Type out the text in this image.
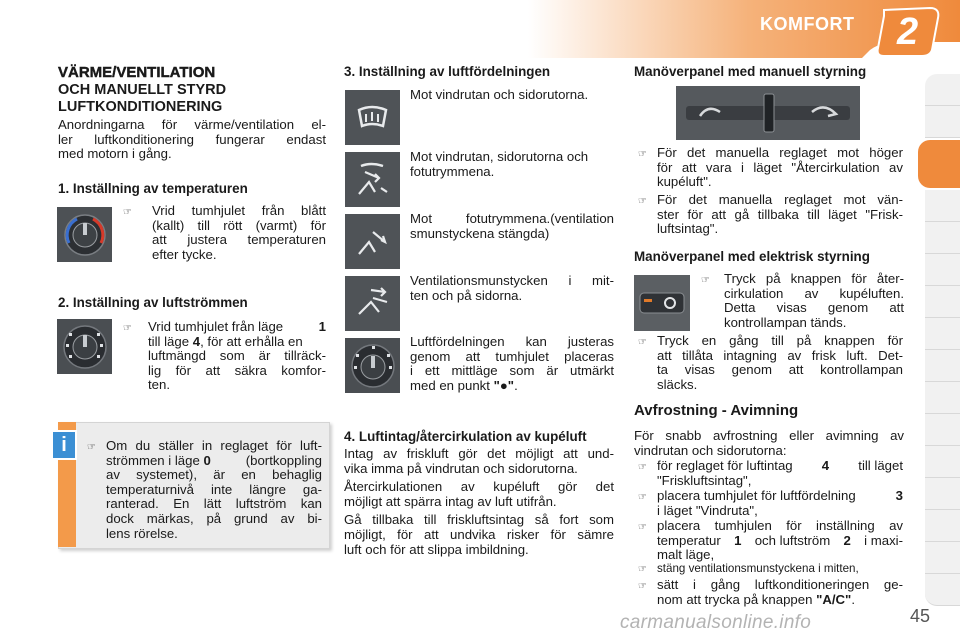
KOMFORT 2
VÄRME/VENTILATION
OCH MANUELLT STYRD
LUFTKONDITIONERING
Anordningarna för värme/ventilation el-
ler luftkonditionering fungerar endast
med motorn i gång.
1. Inställning av temperaturen
☞ Vrid tumhjulet från blått
(kallt) till rött (varmt) för
att justera temperaturen
efter tycke.
2. Inställning av luftströmmen
☞ Vrid tumhjulet från läge	1
till läge 4, för att erhålla en
luftmängd som är tillräck-
lig för att säkra komfor-
ten.
i	☞ Om du ställer in reglaget för luft-
strömmen i läge 0	(bortkoppling
av systemet), är en behaglig
temperaturnivå inte längre ga-
ranterad. En lätt luftström kan
dock märkas, på grund av bi-
lens rörelse.
3. Inställning av luftfördelningen
Mot vindrutan och sidorutorna.
Mot vindrutan, sidorutorna och
fotutrymmena.
Mot fotutrymmena.(ventilation
smunstyckena stängda)
Ventilationsmunstycken i mit-
ten och på sidorna.
Luftfördelningen kan justeras
genom att tumhjulet placeras
i ett mittläge som är utmärkt
med en punkt "●".
4. Luftintag/återcirkulation av kupéluft
Intag av friskluft gör det möjligt att und-
vika imma på vindrutan och sidorutorna.
Återcirkulationen av kupéluft gör det
möjligt att spärra intag av luft utifrån.
Gå tillbaka till friskluftsintag så fort som
möjligt, för att undvika risker för sämre
luft och för att slippa imbildning.
Manöverpanel med manuell styrning
☞ För det manuella reglaget mot höger
för att vara i läget "Återcirkulation av
kupéluft".
☞ För det manuella reglaget mot vän-
ster för att gå tillbaka till läget "Frisk-
luftsintag".
Manöverpanel med elektrisk styrning
☞ Tryck på knappen för åter-
cirkulation av kupéluften.
Detta visas genom att
kontrollampan tänds.
☞ Tryck en gång till på knappen för
att tillåta intagning av frisk luft. Det-
ta visas genom att kontrollampan
släcks.
Avfrostning - Avimning
För snabb avfrostning eller avimning av
vindrutan och sidorutorna:
☞ för reglaget för luftintag 4 till läget
"Friskluftsintag",
☞ placera tumhjulet för luftfördelning	3
i läget "Vindruta",
☞ placera tumhjulen för inställning av
temperatur 1 och luftström 2 i maxi-
malt läge,
☞ stäng ventilationsmunstyckena i mitten,
☞ sätt i gång luftkonditioneringen ge-
nom att trycka på knappen "A/C".
carmanualsonline.info	45
